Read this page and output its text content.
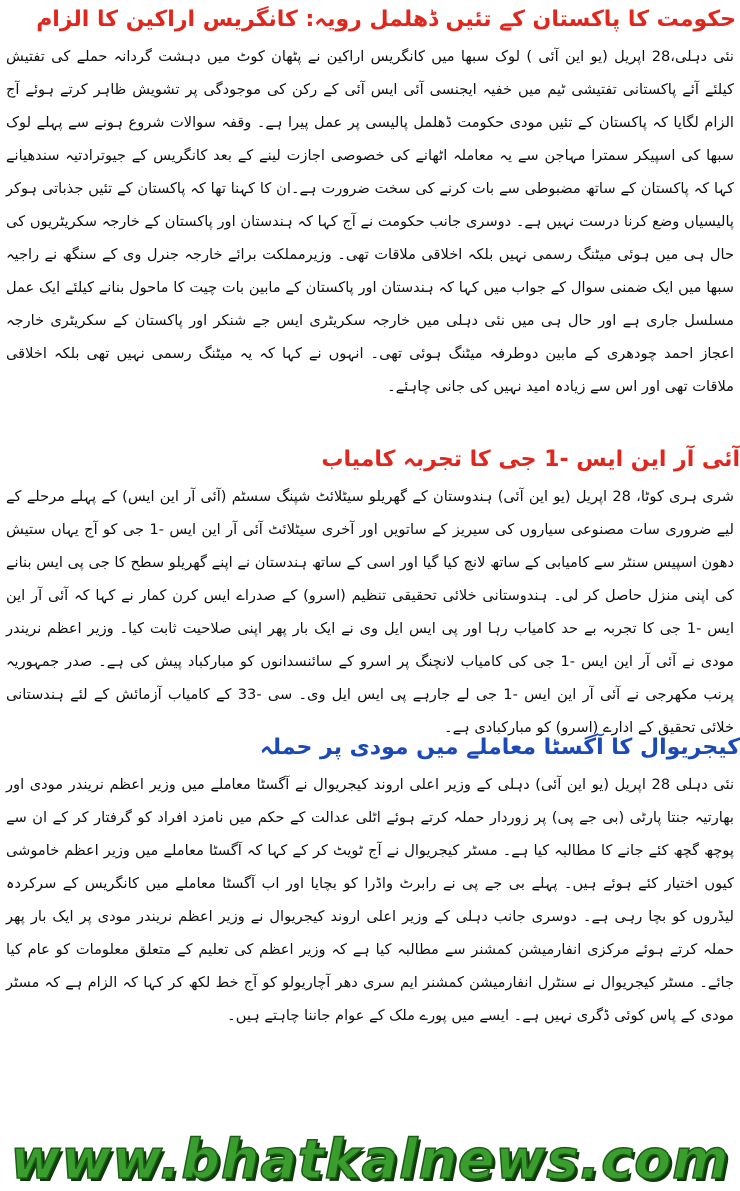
حکومت کا پاکستان کے تئیں ڈھلمل رویہ: کانگریس اراکین کا الزام

نئی دہلی،28 اپریل (یو این آئی ) لوک سبھا میں کانگریس اراکین نے پٹھان کوٹ میں دہشت گردانہ حملے کی تفتیش کیلئے آئے پاکستانی تفتیشی ٹیم میں خفیہ ایجنسی آئی ایس آئی کے رکن کی موجودگی پر تشویش ظاہر کرتے ہوئے آج الزام لگایا کہ پاکستان کے تئیں مودی حکومت ڈھلمل پالیسی پر عمل پیرا ہے۔ وقفہ سوالات شروع ہونے سے پہلے لوک سبھا کی اسپیکر سمترا مہاجن سے یہ معاملہ اٹھانے کی خصوصی اجازت لینے کے بعد کانگریس کے جیوترادتیہ سندھیانے کہا کہ پاکستان کے ساتھ مضبوطی سے بات کرنے کی سخت ضرورت ہے۔ان کا کہنا تھا کہ پاکستان کے تئیں جذباتی ہوکر پالیسیاں وضع کرنا درست نہیں ہے۔ دوسری جانب حکومت نے آج کہا کہ ہندستان اور پاکستان کے خارجہ سکریٹریوں کی حال ہی میں ہوئی میٹنگ رسمی نہیں بلکہ اخلاقی ملاقات تھی۔ وزیرمملکت برائے خارجہ جنرل وی کے سنگھ نے راجیہ سبھا میں ایک ضمنی سوال کے جواب میں کہا کہ ہندستان اور پاکستان کے مابین بات چیت کا ماحول بنانے کیلئے ایک عمل مسلسل جاری ہے اور حال ہی میں نئی دہلی میں خارجہ سکریٹری ایس جے شنکر اور پاکستان کے سکریٹری خارجہ اعجاز احمد چودھری کے مابین دوطرفہ میٹنگ ہوئی تھی۔ انہوں نے کہا کہ یہ میٹنگ رسمی نہیں تھی بلکہ اخلاقی ملاقات تھی اور اس سے زیادہ امید نہیں کی جانی چاہئے۔

آئی آر این ایس -1 جی کا تجربہ کامیاب

شری ہری کوٹا، 28 اپریل (یو این آئی) ہندوستان کے گھریلو سیٹلائٹ شپنگ سسٹم (آئی آر این ایس) کے پہلے مرحلے کے لیے ضروری سات مصنوعی سیاروں کی سیریز کے ساتویں اور آخری سیٹلائٹ آئی آر این ایس -1 جی کو آج یہاں ستیش دھون اسپیس سنٹر سے کامیابی کے ساتھ لانچ کیا گیا اور اسی کے ساتھ ہندستان نے اپنے گھریلو سطح کا جی پی ایس بنانے کی اپنی منزل حاصل کر لی۔ ہندوستانی خلائی تحقیقی تنظیم (اسرو) کے صدراے ایس کرن کمار نے کہا کہ آئی آر این ایس -1 جی کا تجربہ بے حد کامیاب رہا اور پی ایس ایل وی نے ایک بار پھر اپنی صلاحیت ثابت کیا۔ وزیر اعظم نریندر مودی نے آئی آر این ایس -1 جی کی کامیاب لانچنگ پر اسرو کے سائنسدانوں کو مبارکباد پیش کی ہے۔ صدر جمہوریہ پرنب مکھرجی نے آئی آر این ایس -1 جی لے جارہے پی ایس ایل وی۔ سی -33 کے کامیاب آزمائش کے لئے ہندستانی خلائی تحقیق کے ادارے (اسرو) کو مبارکبادی ہے۔

کیجریوال کا آگسٹا معاملے میں مودی پر حملہ

نئی دہلی 28 اپریل (یو این آئی) دہلی کے وزیر اعلی اروند کیجریوال نے آگسٹا معاملے میں وزیر اعظم نریندر مودی اور بھارتیہ جنتا پارٹی (بی جے پی) پر زوردار حملہ کرتے ہوئے اٹلی عدالت کے حکم میں نامزد افراد کو گرفتار کر کے ان سے پوچھ گچھ کئے جانے کا مطالبہ کیا ہے۔ مسٹر کیجریوال نے آج ٹویٹ کر کے کہا کہ آگسٹا معاملے میں وزیر اعظم خاموشی کیوں اختیار کئے ہوئے ہیں۔ پہلے بی جے پی نے رابرٹ واڈرا کو بچایا اور اب آگسٹا معاملے میں کانگریس کے سرکردہ لیڈروں کو بچا رہی ہے۔ دوسری جانب دہلی کے وزیر اعلی اروند کیجریوال نے وزیر اعظم نریندر مودی پر ایک بار پھر حملہ کرتے ہوئے مرکزی انفارمیشن کمشنر سے مطالبہ کیا ہے کہ وزیر اعظم کی تعلیم کے متعلق معلومات کو عام کیا جائے۔ مسٹر کیجریوال نے سنٹرل انفارمیشن کمشنر ایم سری دھر آچاریولو کو آج خط لکھ کر کہا کہ الزام ہے کہ مسٹر مودی کے پاس کوئی ڈگری نہیں ہے۔ ایسے میں پورے ملک کے عوام جاننا چاہتے ہیں۔

www.bhatkalnews.com
